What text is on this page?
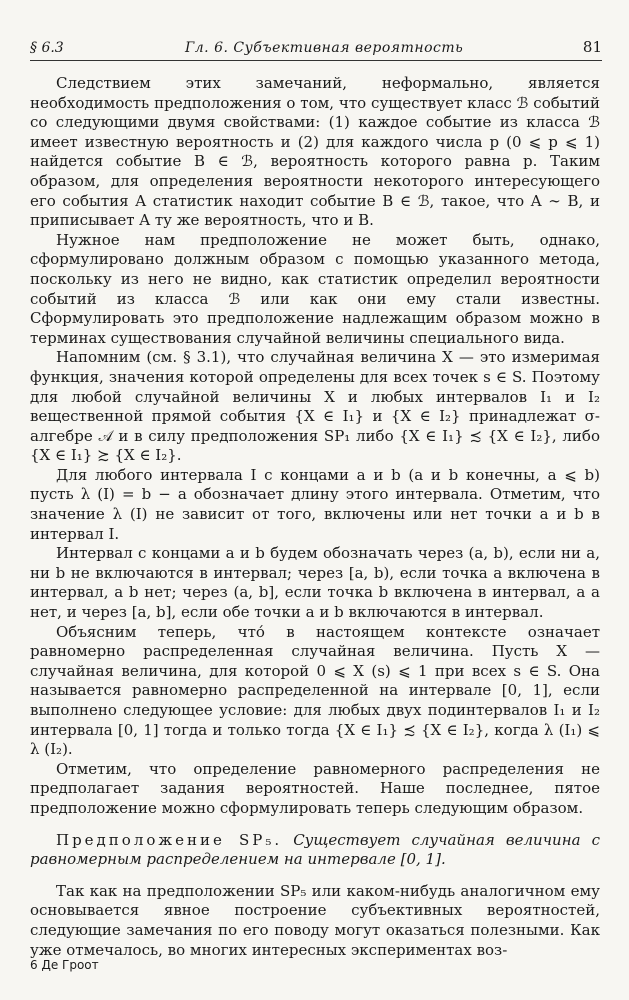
§ 6.3	Гл. 6. Субъективная вероятность	81

Следствием этих замечаний, неформально, является необходимость предположения о том, что существует класс ℬ событий со следующими двумя свойствами: (1) каждое событие из класса ℬ имеет известную вероятность и (2) для каждого числа p (0 ⩽ p ⩽ 1) найдется событие B ∈ ℬ, вероятность которого равна p. Таким образом, для определения вероятности некоторого интересующего его события A статистик находит событие B ∈ ℬ, такое, что A ∼ B, и приписывает A ту же вероятность, что и B.

Нужное нам предположение не может быть, однако, сформулировано должным образом с помощью указанного метода, поскольку из него не видно, как статистик определил вероятности событий из класса ℬ или как они ему стали известны. Сформулировать это предположение надлежащим образом можно в терминах существования случайной величины специального вида.

Напомним (см. § 3.1), что случайная величина X — это измеримая функция, значения которой определены для всех точек s ∈ S. Поэтому для любой случайной величины X и любых интервалов I₁ и I₂ вещественной прямой события {X ∈ I₁} и {X ∈ I₂} принадлежат σ-алгебре 𝒜 и в силу предположения SP₁ либо {X ∈ I₁} ≾ {X ∈ I₂}, либо {X ∈ I₁} ≿ {X ∈ I₂}.

Для любого интервала I с концами a и b (a и b конечны, a ⩽ b) пусть λ (I) = b − a обозначает длину этого интервала. Отметим, что значение λ (I) не зависит от того, включены или нет точки a и b в интервал I.

Интервал с концами a и b будем обозначать через (a, b), если ни a, ни b не включаются в интервал; через [a, b), если точка a включена в интервал, а b нет; через (a, b], если точка b включена в интервал, а a нет, и через [a, b], если обе точки a и b включаются в интервал.

Объясним теперь, что́ в настоящем контексте означает равномерно распределенная случайная величина. Пусть X — случайная величина, для которой 0 ⩽ X (s) ⩽ 1 при всех s ∈ S. Она называется равномерно распределенной на интервале [0, 1], если выполнено следующее условие: для любых двух подинтервалов I₁ и I₂ интервала [0, 1] тогда и только тогда {X ∈ I₁} ≾ {X ∈ I₂}, когда λ (I₁) ⩽ λ (I₂).

Отметим, что определение равномерного распределения не предполагает задания вероятностей. Наше последнее, пятое предположение можно сформулировать теперь следующим образом.

Предположение SP₅. Существует случайная величина с равномерным распределением на интервале [0, 1].

Так как на предположении SP₅ или каком-нибудь аналогичном ему основывается явное построение субъективных вероятностей, следующие замечания по его поводу могут оказаться полезными. Как уже отмечалось, во многих интересных экспериментах воз-

6 Де Гроот
